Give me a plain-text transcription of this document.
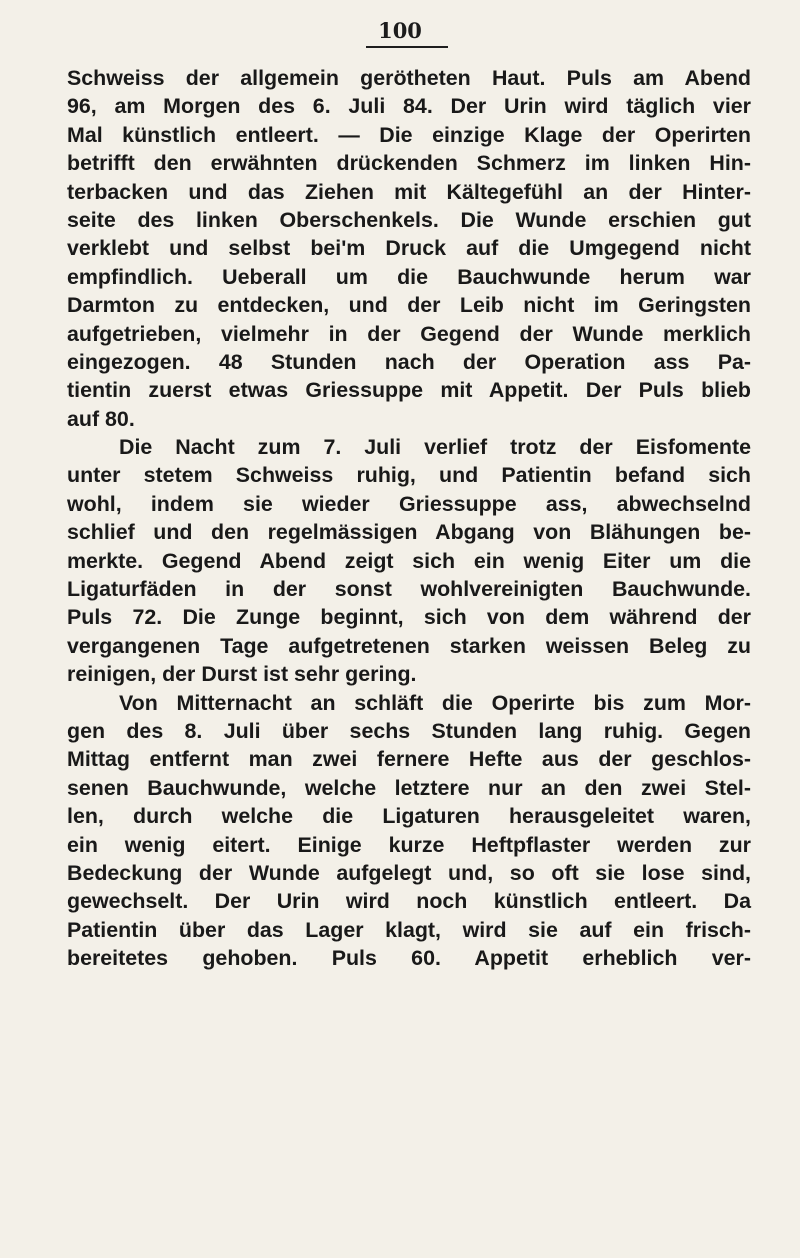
100
Schweiss der allgemein gerötheten Haut. Puls am Abend
96, am Morgen des 6. Juli 84. Der Urin wird täglich vier
Mal künstlich entleert. — Die einzige Klage der Operirten
betrifft den erwähnten drückenden Schmerz im linken Hin-
terbacken und das Ziehen mit Kältegefühl an der Hinter-
seite des linken Oberschenkels. Die Wunde erschien gut
verklebt und selbst bei'm Druck auf die Umgegend nicht
empfindlich. Ueberall um die Bauchwunde herum war
Darmton zu entdecken, und der Leib nicht im Geringsten
aufgetrieben, vielmehr in der Gegend der Wunde merklich
eingezogen. 48 Stunden nach der Operation ass Pa-
tientin zuerst etwas Griessuppe mit Appetit. Der Puls blieb
auf 80.
Die Nacht zum 7. Juli verlief trotz der Eisfomente
unter stetem Schweiss ruhig, und Patientin befand sich
wohl, indem sie wieder Griessuppe ass, abwechselnd
schlief und den regelmässigen Abgang von Blähungen be-
merkte. Gegend Abend zeigt sich ein wenig Eiter um die
Ligaturfäden in der sonst wohlvereinigten Bauchwunde.
Puls 72. Die Zunge beginnt, sich von dem während der
vergangenen Tage aufgetretenen starken weissen Beleg zu
reinigen, der Durst ist sehr gering.
Von Mitternacht an schläft die Operirte bis zum Mor-
gen des 8. Juli über sechs Stunden lang ruhig. Gegen
Mittag entfernt man zwei fernere Hefte aus der geschlos-
senen Bauchwunde, welche letztere nur an den zwei Stel-
len, durch welche die Ligaturen herausgeleitet waren,
ein wenig eitert. Einige kurze Heftpflaster werden zur
Bedeckung der Wunde aufgelegt und, so oft sie lose sind,
gewechselt. Der Urin wird noch künstlich entleert. Da
Patientin über das Lager klagt, wird sie auf ein frisch-
bereitetes gehoben. Puls 60. Appetit erheblich ver-
